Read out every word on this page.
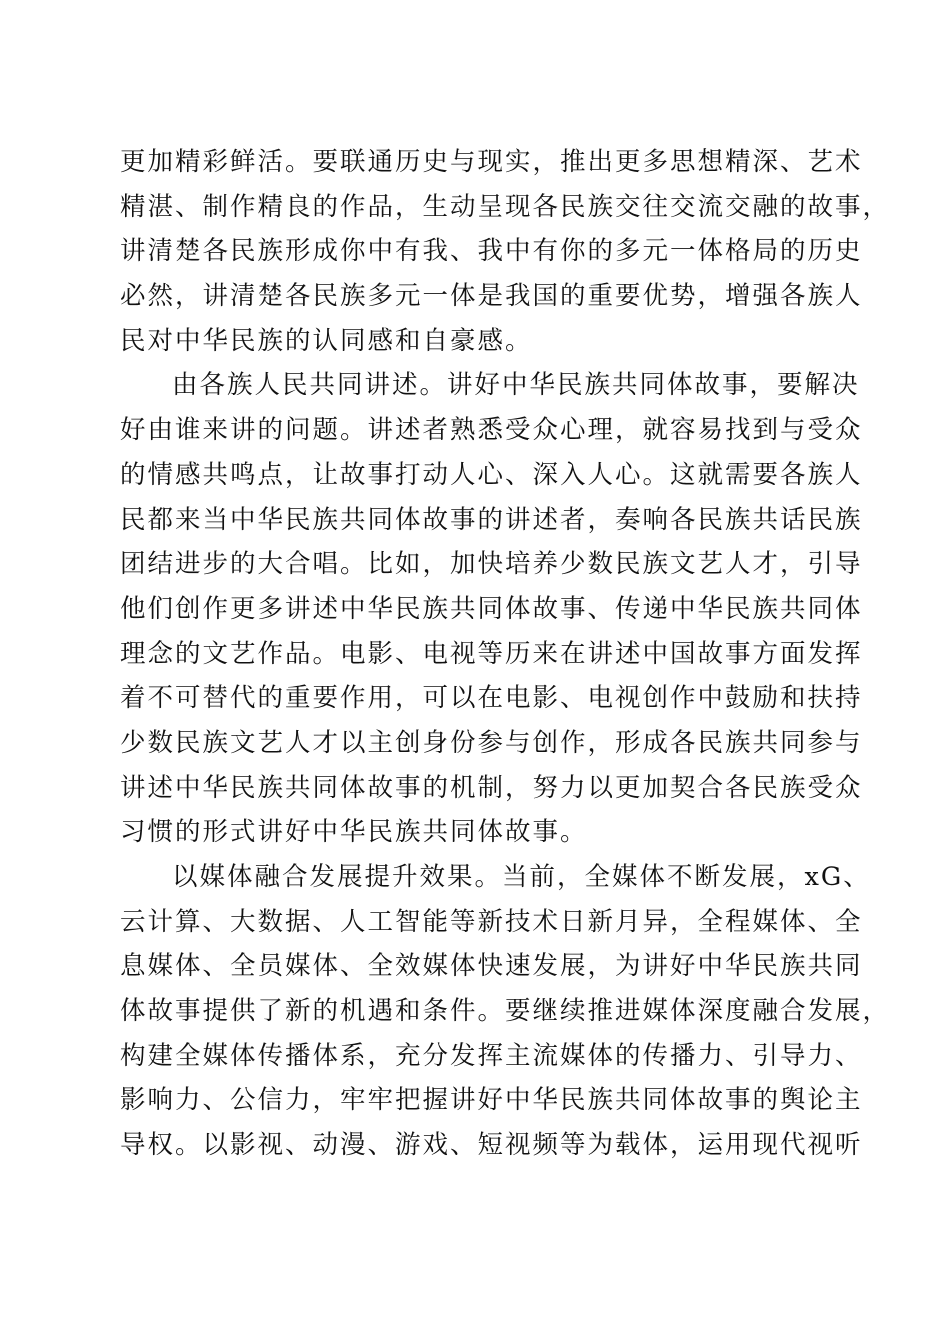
更加精彩鲜活。要联通历史与现实，推出更多思想精深、艺术
精湛、制作精良的作品，生动呈现各民族交往交流交融的故事，
讲清楚各民族形成你中有我、我中有你的多元一体格局的历史
必然，讲清楚各民族多元一体是我国的重要优势，增强各族人
民对中华民族的认同感和自豪感。
由各族人民共同讲述。讲好中华民族共同体故事，要解决
好由谁来讲的问题。讲述者熟悉受众心理，就容易找到与受众
的情感共鸣点，让故事打动人心、深入人心。这就需要各族人
民都来当中华民族共同体故事的讲述者，奏响各民族共话民族
团结进步的大合唱。比如，加快培养少数民族文艺人才，引导
他们创作更多讲述中华民族共同体故事、传递中华民族共同体
理念的文艺作品。电影、电视等历来在讲述中国故事方面发挥
着不可替代的重要作用，可以在电影、电视创作中鼓励和扶持
少数民族文艺人才以主创身份参与创作，形成各民族共同参与
讲述中华民族共同体故事的机制，努力以更加契合各民族受众
习惯的形式讲好中华民族共同体故事。
以媒体融合发展提升效果。当前，全媒体不断发展，xG、
云计算、大数据、人工智能等新技术日新月异，全程媒体、全
息媒体、全员媒体、全效媒体快速发展，为讲好中华民族共同
体故事提供了新的机遇和条件。要继续推进媒体深度融合发展，
构建全媒体传播体系，充分发挥主流媒体的传播力、引导力、
影响力、公信力，牢牢把握讲好中华民族共同体故事的舆论主
导权。以影视、动漫、游戏、短视频等为载体，运用现代视听
